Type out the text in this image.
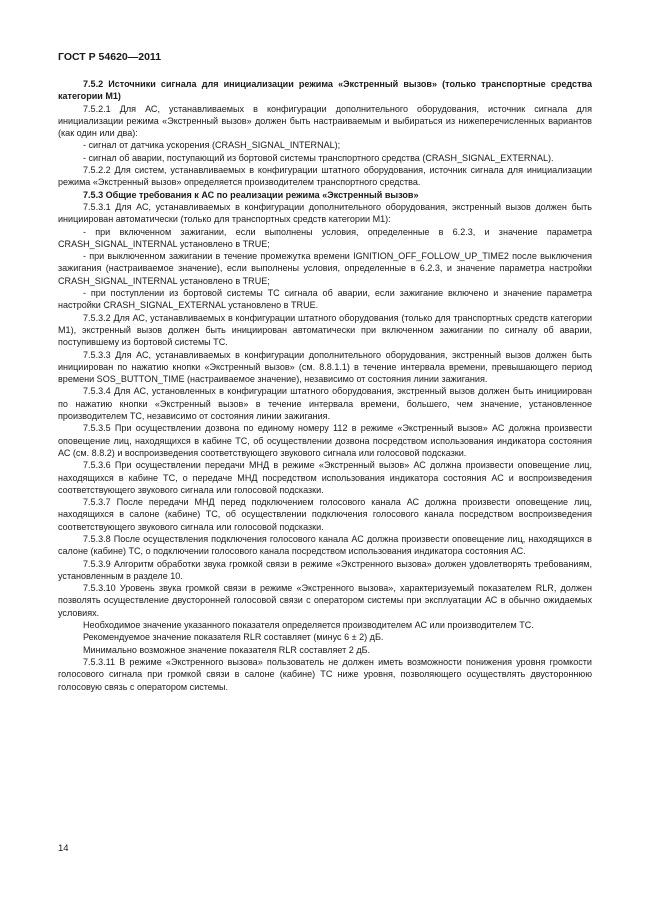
ГОСТ Р 54620—2011

7.5.2 Источники сигнала для инициализации режима «Экстренный вызов» (только транспортные средства категории M1)

7.5.2.1 Для АС, устанавливаемых в конфигурации дополнительного оборудования, источник сигнала для инициализации режима «Экстренный вызов» должен быть настраиваемым и выбираться из нижеперечисленных вариантов (как один или два):

- сигнал от датчика ускорения (CRASH_SIGNAL_INTERNAL);

- сигнал об аварии, поступающий из бортовой системы транспортного средства (CRASH_SIGNAL_EXTERNAL).

7.5.2.2 Для систем, устанавливаемых в конфигурации штатного оборудования, источник сигнала для инициализации режима «Экстренный вызов» определяется производителем транспортного средства.

7.5.3 Общие требования к АС по реализации режима «Экстренный вызов»

7.5.3.1 Для АС, устанавливаемых в конфигурации дополнительного оборудования, экстренный вызов должен быть инициирован автоматически (только для транспортных средств категории M1):

- при включенном зажигании, если выполнены условия, определенные в 6.2.3, и значение параметра CRASH_SIGNAL_INTERNAL установлено в TRUE;

- при выключенном зажигании в течение промежутка времени IGNITION_OFF_FOLLOW_UP_TIME2 после выключения зажигания (настраиваемое значение), если выполнены условия, определенные в 6.2.3, и значение параметра настройки CRASH_SIGNAL_INTERNAL установлено в TRUE;

- при поступлении из бортовой системы ТС сигнала об аварии, если зажигание включено и значение параметра настройки CRASH_SIGNAL_EXTERNAL установлено в TRUE.

7.5.3.2 Для АС, устанавливаемых в конфигурации штатного оборудования (только для транспортных средств категории M1), экстренный вызов должен быть инициирован автоматически при включенном зажигании по сигналу об аварии, поступившему из бортовой системы ТС.

7.5.3.3 Для АС, устанавливаемых в конфигурации дополнительного оборудования, экстренный вызов должен быть инициирован по нажатию кнопки «Экстренный вызов» (см. 8.8.1.1) в течение интервала времени, превышающего период времени SOS_BUTTON_TIME (настраиваемое значение), независимо от состояния линии зажигания.

7.5.3.4 Для АС, установленных в конфигурации штатного оборудования, экстренный вызов должен быть инициирован по нажатию кнопки «Экстренный вызов» в течение интервала времени, большего, чем значение, установленное производителем ТС, независимо от состояния линии зажигания.

7.5.3.5 При осуществлении дозвона по единому номеру 112 в режиме «Экстренный вызов» АС должна произвести оповещение лиц, находящихся в кабине ТС, об осуществлении дозвона посредством использования индикатора состояния АС (см. 8.8.2) и воспроизведения соответствующего звукового сигнала или голосовой подсказки.

7.5.3.6 При осуществлении передачи МНД в режиме «Экстренный вызов» АС должна произвести оповещение лиц, находящихся в кабине ТС, о передаче МНД посредством использования индикатора состояния АС и воспроизведения соответствующего звукового сигнала или голосовой подсказки.

7.5.3.7 После передачи МНД перед подключением голосового канала АС должна произвести оповещение лиц, находящихся в салоне (кабине) ТС, об осуществлении подключения голосового канала посредством воспроизведения соответствующего звукового сигнала или голосовой подсказки.

7.5.3.8 После осуществления подключения голосового канала АС должна произвести оповещение лиц, находящихся в салоне (кабине) ТС, о подключении голосового канала посредством использования индикатора состояния АС.

7.5.3.9 Алгоритм обработки звука громкой связи в режиме «Экстренного вызова» должен удовлетворять требованиям, установленным в разделе 10.

7.5.3.10 Уровень звука громкой связи в режиме «Экстренного вызова», характеризуемый показателем RLR, должен позволять осуществление двусторонней голосовой связи с оператором системы при эксплуатации АС в обычно ожидаемых условиях.

Необходимое значение указанного показателя определяется производителем АС или производителем ТС.

Рекомендуемое значение показателя RLR составляет (минус 6 ± 2) дБ.

Минимально возможное значение показателя RLR составляет 2 дБ.

7.5.3.11 В режиме «Экстренного вызова» пользователь не должен иметь возможности понижения уровня громкости голосового сигнала при громкой связи в салоне (кабине) ТС ниже уровня, позволяющего осуществлять двустороннюю голосовую связь с оператором системы.

14
